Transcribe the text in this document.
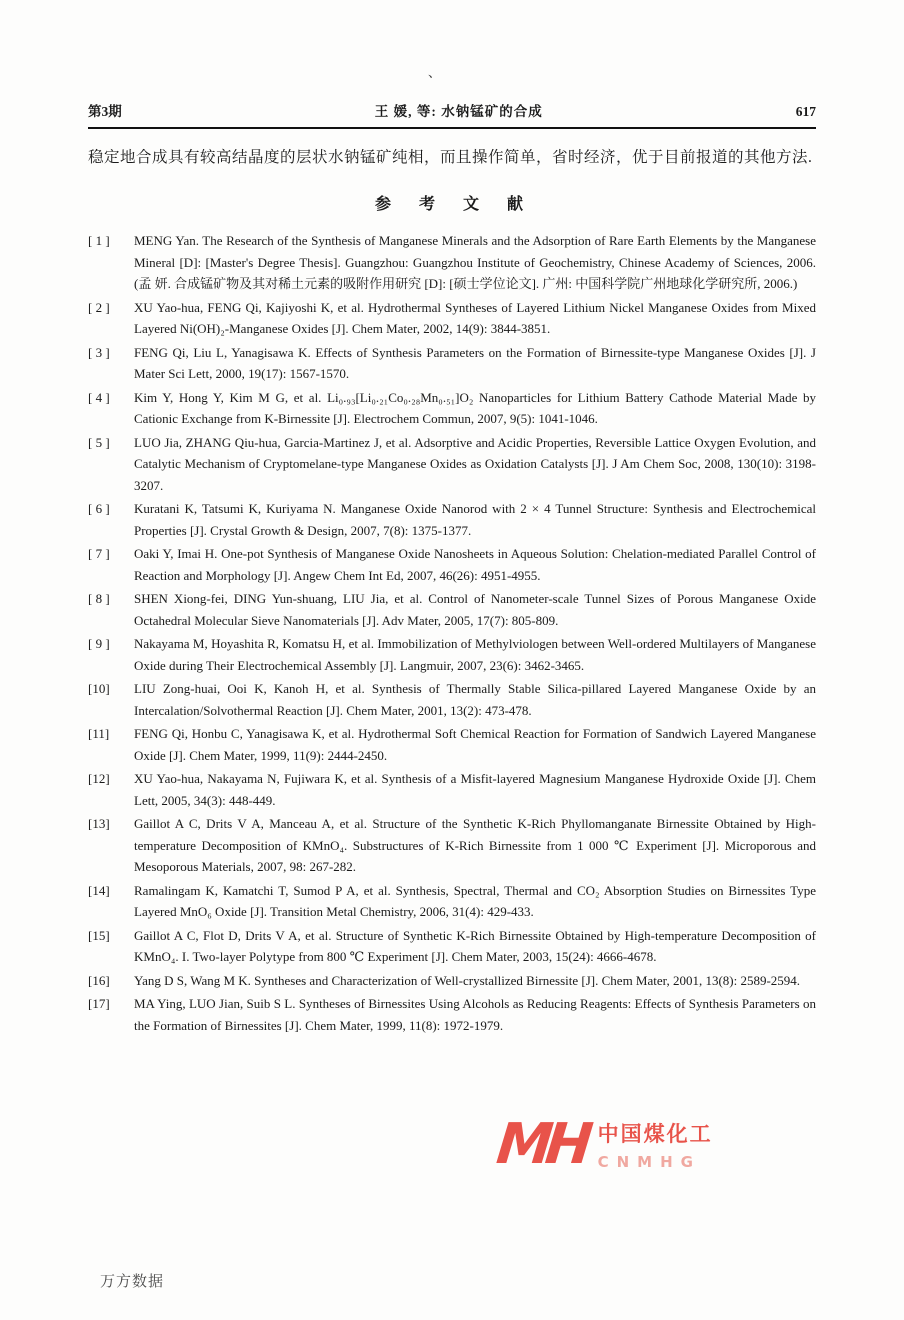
、
第3期	王 媛, 等: 水钠锰矿的合成	617

稳定地合成具有较高结晶度的层状水钠锰矿纯相，而且操作简单，省时经济，优于目前报道的其他方法.

参　考　文　献
[ 1 ] MENG Yan. The Research of the Synthesis of Manganese Minerals and the Adsorption of Rare Earth Elements by the Manganese Mineral [D]: [Master's Degree Thesis]. Guangzhou: Guangzhou Institute of Geochemistry, Chinese Academy of Sciences, 2006. (孟 妍. 合成锰矿物及其对稀土元素的吸附作用研究 [D]: [硕士学位论文]. 广州: 中国科学院广州地球化学研究所, 2006.)
[ 2 ] XU Yao-hua, FENG Qi, Kajiyoshi K, et al. Hydrothermal Syntheses of Layered Lithium Nickel Manganese Oxides from Mixed Layered Ni(OH)₂-Manganese Oxides [J]. Chem Mater, 2002, 14(9): 3844-3851.
[ 3 ] FENG Qi, Liu L, Yanagisawa K. Effects of Synthesis Parameters on the Formation of Birnessite-type Manganese Oxides [J]. J Mater Sci Lett, 2000, 19(17): 1567-1570.
[ 4 ] Kim Y, Hong Y, Kim M G, et al. Li₀.₉₃[Li₀.₂₁Co₀.₂₈Mn₀.₅₁]O₂ Nanoparticles for Lithium Battery Cathode Material Made by Cationic Exchange from K-Birnessite [J]. Electrochem Commun, 2007, 9(5): 1041-1046.
[ 5 ] LUO Jia, ZHANG Qiu-hua, Garcia-Martinez J, et al. Adsorptive and Acidic Properties, Reversible Lattice Oxygen Evolution, and Catalytic Mechanism of Cryptomelane-type Manganese Oxides as Oxidation Catalysts [J]. J Am Chem Soc, 2008, 130(10): 3198-3207.
[ 6 ] Kuratani K, Tatsumi K, Kuriyama N. Manganese Oxide Nanorod with 2 × 4 Tunnel Structure: Synthesis and Electrochemical Properties [J]. Crystal Growth & Design, 2007, 7(8): 1375-1377.
[ 7 ] Oaki Y, Imai H. One-pot Synthesis of Manganese Oxide Nanosheets in Aqueous Solution: Chelation-mediated Parallel Control of Reaction and Morphology [J]. Angew Chem Int Ed, 2007, 46(26): 4951-4955.
[ 8 ] SHEN Xiong-fei, DING Yun-shuang, LIU Jia, et al. Control of Nanometer-scale Tunnel Sizes of Porous Manganese Oxide Octahedral Molecular Sieve Nanomaterials [J]. Adv Mater, 2005, 17(7): 805-809.
[ 9 ] Nakayama M, Hoyashita R, Komatsu H, et al. Immobilization of Methylviologen between Well-ordered Multilayers of Manganese Oxide during Their Electrochemical Assembly [J]. Langmuir, 2007, 23(6): 3462-3465.
[10] LIU Zong-huai, Ooi K, Kanoh H, et al. Synthesis of Thermally Stable Silica-pillared Layered Manganese Oxide by an Intercalation/Solvothermal Reaction [J]. Chem Mater, 2001, 13(2): 473-478.
[11] FENG Qi, Honbu C, Yanagisawa K, et al. Hydrothermal Soft Chemical Reaction for Formation of Sandwich Layered Manganese Oxide [J]. Chem Mater, 1999, 11(9): 2444-2450.
[12] XU Yao-hua, Nakayama N, Fujiwara K, et al. Synthesis of a Misfit-layered Magnesium Manganese Hydroxide Oxide [J]. Chem Lett, 2005, 34(3): 448-449.
[13] Gaillot A C, Drits V A, Manceau A, et al. Structure of the Synthetic K-Rich Phyllomanganate Birnessite Obtained by High-temperature Decomposition of KMnO₄. Substructures of K-Rich Birnessite from 1 000 ℃ Experiment [J]. Microporous and Mesoporous Materials, 2007, 98: 267-282.
[14] Ramalingam K, Kamatchi T, Sumod P A, et al. Synthesis, Spectral, Thermal and CO₂ Absorption Studies on Birnessites Type Layered MnO₆ Oxide [J]. Transition Metal Chemistry, 2006, 31(4): 429-433.
[15] Gaillot A C, Flot D, Drits V A, et al. Structure of Synthetic K-Rich Birnessite Obtained by High-temperature Decomposition of KMnO₄. I. Two-layer Polytype from 800 ℃ Experiment [J]. Chem Mater, 2003, 15(24): 4666-4678.
[16] Yang D S, Wang M K. Syntheses and Characterization of Well-crystallized Birnessite [J]. Chem Mater, 2001, 13(8): 2589-2594.
[17] MA Ying, LUO Jian, Suib S L. Syntheses of Birnessites Using Alcohols as Reducing Reagents: Effects of Synthesis Parameters on the Formation of Birnessites [J]. Chem Mater, 1999, 11(8): 1972-1979.
MH 中国煤化工
CNMHG
万方数据
